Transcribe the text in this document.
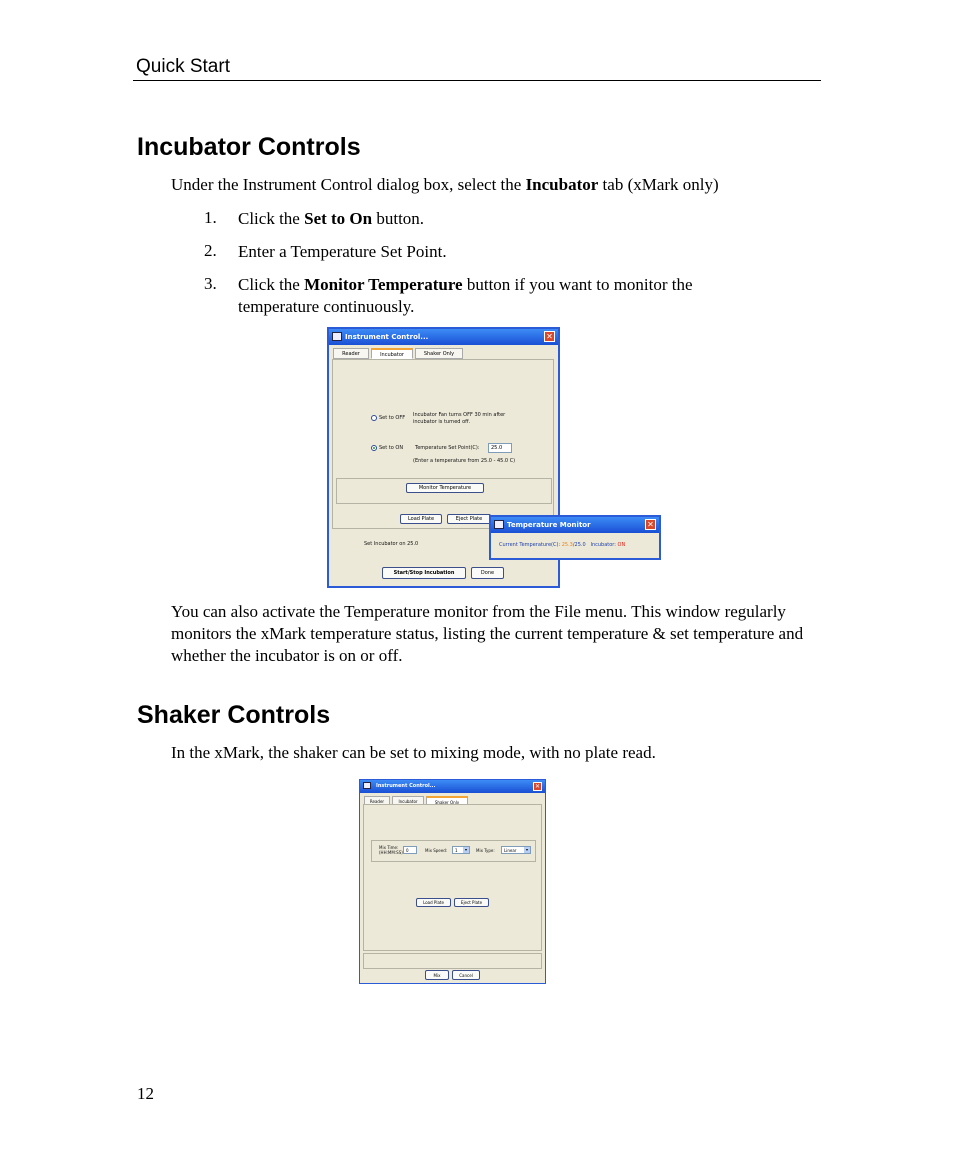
Quick Start
Incubator Controls
Under the Instrument Control dialog box, select the Incubator tab (xMark only)
1. Click the Set to On button.
2. Enter a Temperature Set Point.
3. Click the Monitor Temperature button if you want to monitor the temperature continuously.
Instrument Control...	✕
Reader	Incubator	Shaker Only
Set to OFF Incubator Fan turns OFF 30 min after incubator is turned off.
Set to ON Temperature Set Point(C):	25.0
(Enter a temperature from 25.0 - 45.0 C)
Monitor Temperature
Load Plate	Eject Plate
Set Incubator on 25.0
Start/Stop Incubation	Done
Temperature Monitor	✕
Current Temperature(C): 25.3/25.0 Incubator: ON
You can also activate the Temperature monitor from the File menu. This window regularly monitors the xMark temperature status, listing the current temperature & set temperature and whether the incubator is on or off.
Shaker Controls
In the xMark, the shaker can be set to mixing mode, with no plate read.
Instrument Control...	✕
Reader	Incubator	Shaker Only
Mix Time: (HH:MM:SS) 0	Mix Speed:	1	▾	Mix Type:	Linear	▾
Load Plate	Eject Plate
Mix	Cancel
12
